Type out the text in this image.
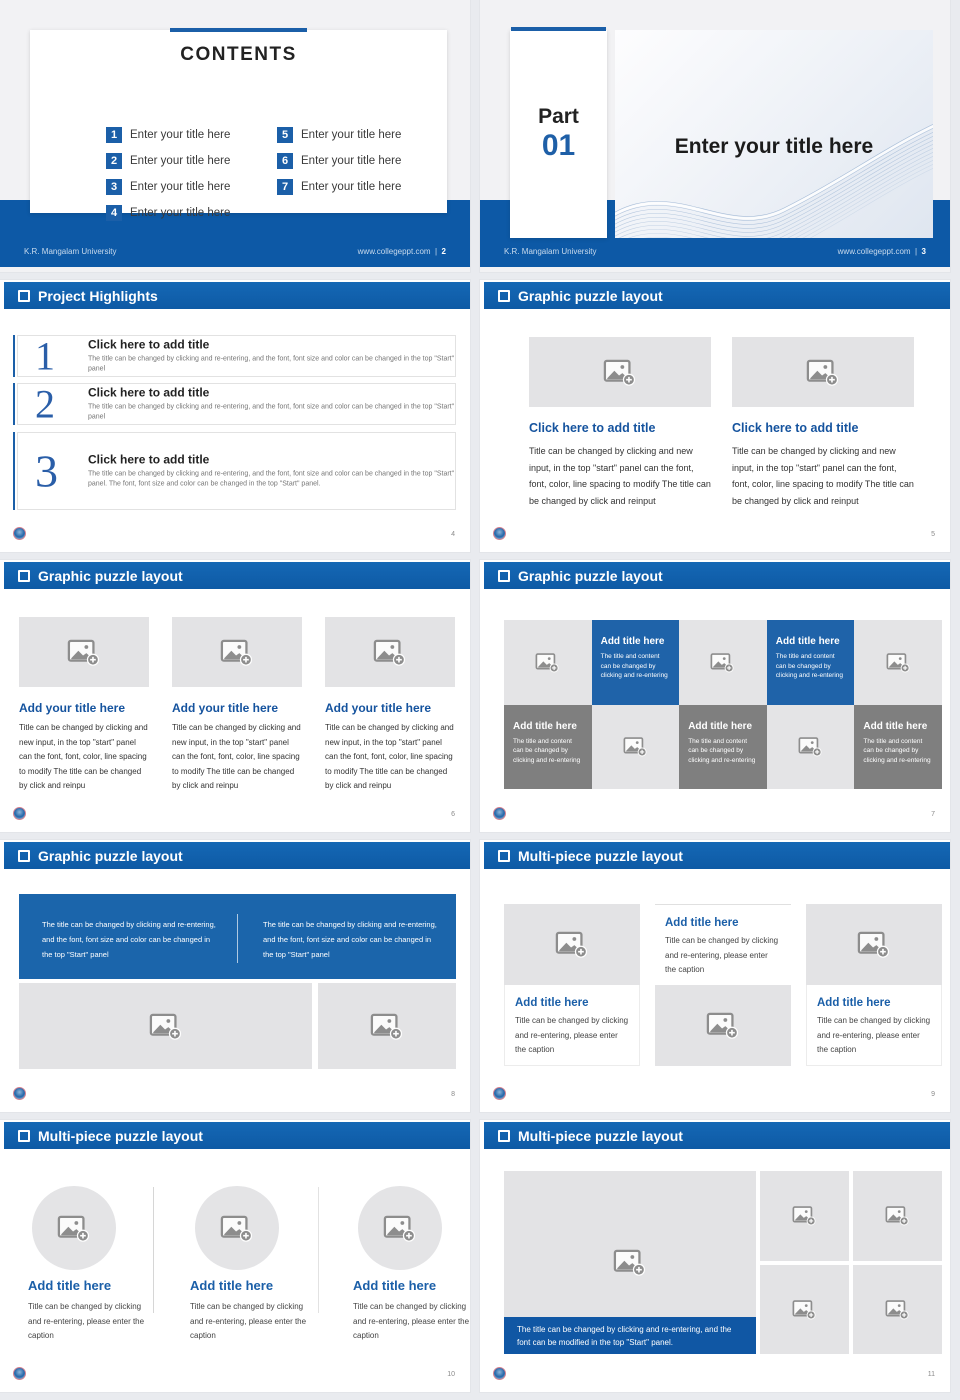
CONTENTS
1	Enter your title here
2	Enter your title here
3	Enter your title here
4	Enter your title here
5	Enter your title here
6	Enter your title here
7	Enter your title here
K.R. Mangalam University	www.collegeppt.com | 2
Part
01	Enter your title here
K.R. Mangalam University	www.collegeppt.com | 3
Project Highlights
1	Click here to add title
The title can be changed by clicking and re-entering, and the font, font size and color can be changed in the top "Start" panel
2	Click here to add title
The title can be changed by clicking and re-entering, and the font, font size and color can be changed in the top "Start" panel
3	Click here to add title
The title can be changed by clicking and re-entering, and the font, font size and color can be changed in the top "Start" panel. The font, font size and color can be changed in the top "Start" panel.
4
Graphic puzzle layout
Click here to add title
Title can be changed by clicking and new input, in the top "start" panel can the font, font, color, line spacing to modify The title can be changed by click and reinput
Click here to add title
Title can be changed by clicking and new input, in the top "start" panel can the font, font, color, line spacing to modify The title can be changed by click and reinput
5
Graphic puzzle layout
Add your title here
Title can be changed by clicking and new input, in the top "start" panel can the font, font, color, line spacing to modify The title can be changed by click and reinpu
Add your title here
Title can be changed by clicking and new input, in the top "start" panel can the font, font, color, line spacing to modify The title can be changed by click and reinpu
Add your title here
Title can be changed by clicking and new input, in the top "start" panel can the font, font, color, line spacing to modify The title can be changed by click and reinpu
6
Graphic puzzle layout
Add title here
The title and content can be changed by clicking and re-entering
Add title here
The title and content can be changed by clicking and re-entering
Add title here
The title and content can be changed by clicking and re-entering
Add title here
The title and content can be changed by clicking and re-entering
Add title here
The title and content can be changed by clicking and re-entering
7
Graphic puzzle layout
The title can be changed by clicking and re-entering, and the font, font size and color can be changed in the top "Start" panel
The title can be changed by clicking and re-entering, and the font, font size and color can be changed in the top "Start" panel
8
Multi-piece puzzle layout
Add title here
Title can be changed by clicking and re-entering, please enter the caption
Add title here
Title can be changed by clicking and re-entering, please enter the caption
Add title here
Title can be changed by clicking and re-entering, please enter the caption
9
Multi-piece puzzle layout
Add title here	Add title here	Add title here
Title can be changed by clicking and re-entering, please enter the caption
Title can be changed by clicking and re-entering, please enter the caption
Title can be changed by clicking and re-entering, please enter the caption
10
Multi-piece puzzle layout
The title can be changed by clicking and re-entering, and the font can be modified in the top "Start" panel.
11
